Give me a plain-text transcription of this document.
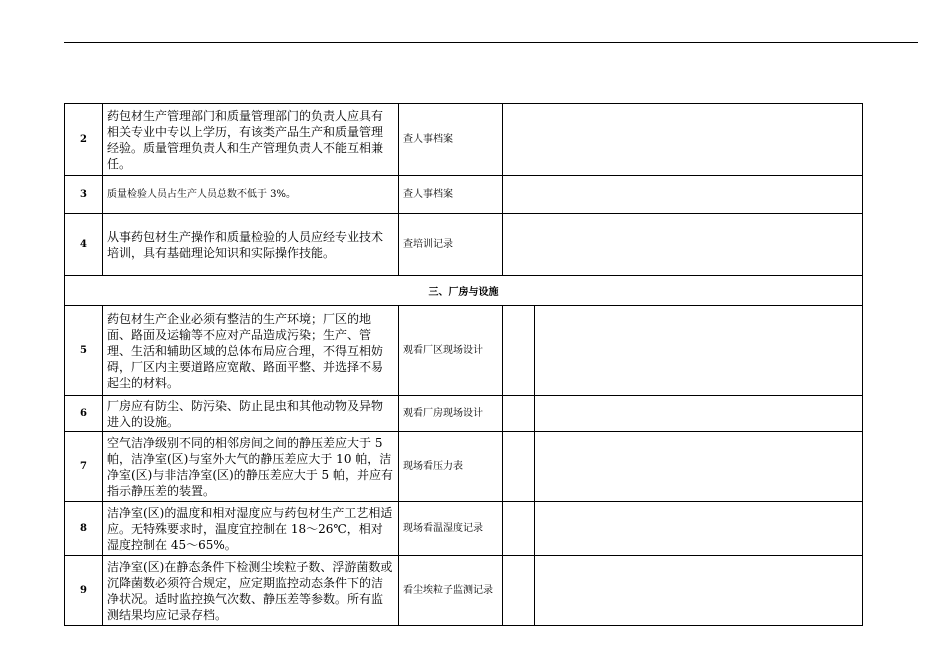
2	药包材生产管理部门和质量管理部门的负责人应具有相关专业中专以上学历，有该类产品生产和质量管理经验。质量管理负责人和生产管理负责人不能互相兼任。	查人事档案		
3	质量检验人员占生产人员总数不低于 3%。	查人事档案		
4	从事药包材生产操作和质量检验的人员应经专业技术培训，具有基础理论知识和实际操作技能。	查培训记录		
三、厂房与设施				
5	药包材生产企业必须有整洁的生产环境；厂区的地面、路面及运输等不应对产品造成污染；生产、管理、生活和辅助区域的总体布局应合理，不得互相妨碍，厂区内主要道路应宽敞、路面平整、并选择不易起尘的材料。	观看厂区现场设计		
6	厂房应有防尘、防污染、防止昆虫和其他动物及异物进入的设施。	观看厂房现场设计		
7	空气洁净级别不同的相邻房间之间的静压差应大于 5 帕，洁净室(区)与室外大气的静压差应大于 10 帕，洁净室(区)与非洁净室(区)的静压差应大于 5 帕，并应有指示静压差的装置。	现场看压力表		
8	洁净室(区)的温度和相对湿度应与药包材生产工艺相适应。无特殊要求时，温度宜控制在 18～26℃，相对湿度控制在 45～65%。	现场看温湿度记录		
9	洁净室(区)在静态条件下检测尘埃粒子数、浮游菌数或沉降菌数必须符合规定，应定期监控动态条件下的洁净状况。适时监控换气次数、静压差等参数。所有监测结果均应记录存档。	看尘埃粒子监测记录		
